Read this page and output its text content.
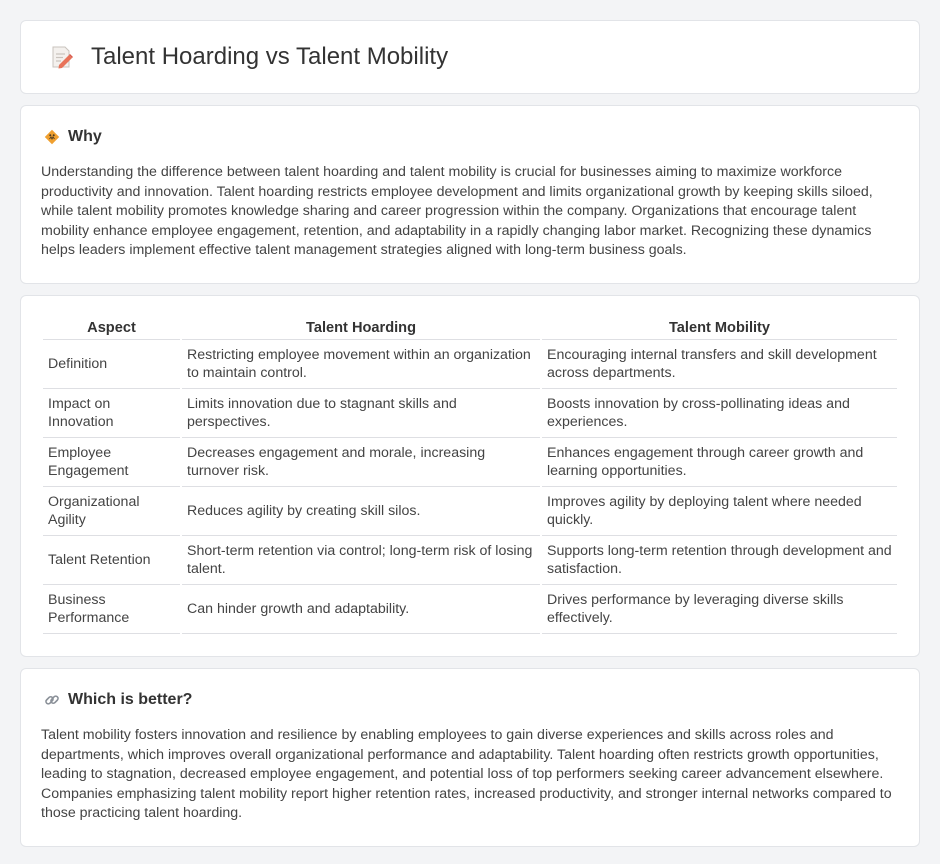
Talent Hoarding vs Talent Mobility
Why

Understanding the difference between talent hoarding and talent mobility is crucial for businesses aiming to maximize workforce productivity and innovation. Talent hoarding restricts employee development and limits organizational growth by keeping skills siloed, while talent mobility promotes knowledge sharing and career progression within the company. Organizations that encourage talent mobility enhance employee engagement, retention, and adaptability in a rapidly changing labor market. Recognizing these dynamics helps leaders implement effective talent management strategies aligned with long-term business goals.

Aspect	Talent Hoarding	Talent Mobility
Definition	Restricting employee movement within an organization to maintain control.	Encouraging internal transfers and skill development across departments.
Impact on Innovation	Limits innovation due to stagnant skills and perspectives.	Boosts innovation by cross-pollinating ideas and experiences.
Employee Engagement	Decreases engagement and morale, increasing turnover risk.	Enhances engagement through career growth and learning opportunities.
Organizational Agility	Reduces agility by creating skill silos.	Improves agility by deploying talent where needed quickly.
Talent Retention	Short-term retention via control; long-term risk of losing talent.	Supports long-term retention through development and satisfaction.
Business Performance	Can hinder growth and adaptability.	Drives performance by leveraging diverse skills effectively.
Which is better?

Talent mobility fosters innovation and resilience by enabling employees to gain diverse experiences and skills across roles and departments, which improves overall organizational performance and adaptability. Talent hoarding often restricts growth opportunities, leading to stagnation, decreased employee engagement, and potential loss of top performers seeking career advancement elsewhere. Companies emphasizing talent mobility report higher retention rates, increased productivity, and stronger internal networks compared to those practicing talent hoarding.
